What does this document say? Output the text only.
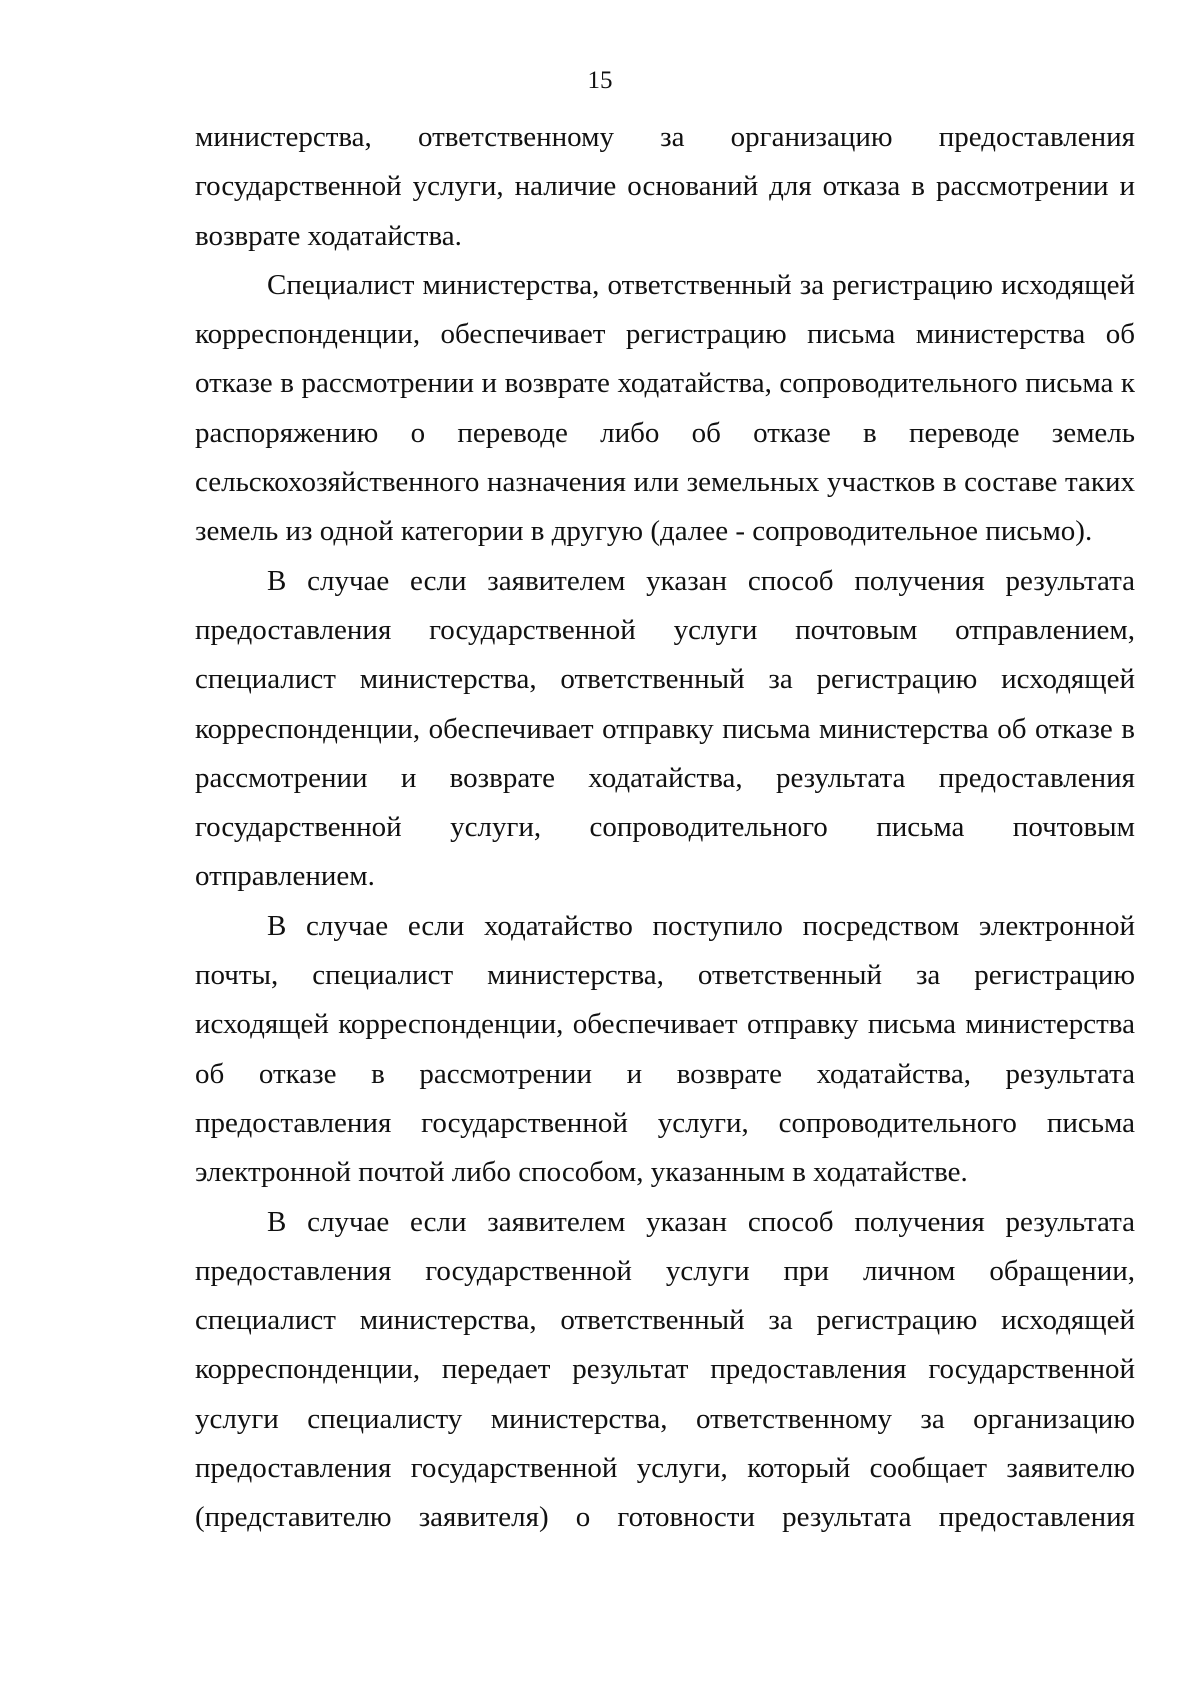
15

министерства, ответственному за организацию предоставления государственной услуги, наличие оснований для отказа в рассмотрении и возврате ходатайства.

Специалист министерства, ответственный за регистрацию исходящей корреспонденции, обеспечивает регистрацию письма министерства об отказе в рассмотрении и возврате ходатайства, сопроводительного письма к распоряжению о переводе либо об отказе в переводе земель сельскохозяйственного назначения или земельных участков в составе таких земель из одной категории в другую (далее - сопроводительное письмо).

В случае если заявителем указан способ получения результата предоставления государственной услуги почтовым отправлением, специалист министерства, ответственный за регистрацию исходящей корреспонденции, обеспечивает отправку письма министерства об отказе в рассмотрении и возврате ходатайства, результата предоставления государственной услуги, сопроводительного письма почтовым отправлением.

В случае если ходатайство поступило посредством электронной почты, специалист министерства, ответственный за регистрацию исходящей корреспонденции, обеспечивает отправку письма министерства об отказе в рассмотрении и возврате ходатайства, результата предоставления государственной услуги, сопроводительного письма электронной почтой либо способом, указанным в ходатайстве.

В случае если заявителем указан способ получения результата предоставления государственной услуги при личном обращении, специалист министерства, ответственный за регистрацию исходящей корреспонденции, передает результат предоставления государственной услуги специалисту министерства, ответственному за организацию предоставления государственной услуги, который сообщает заявителю (представителю заявителя) о готовности результата предоставления
